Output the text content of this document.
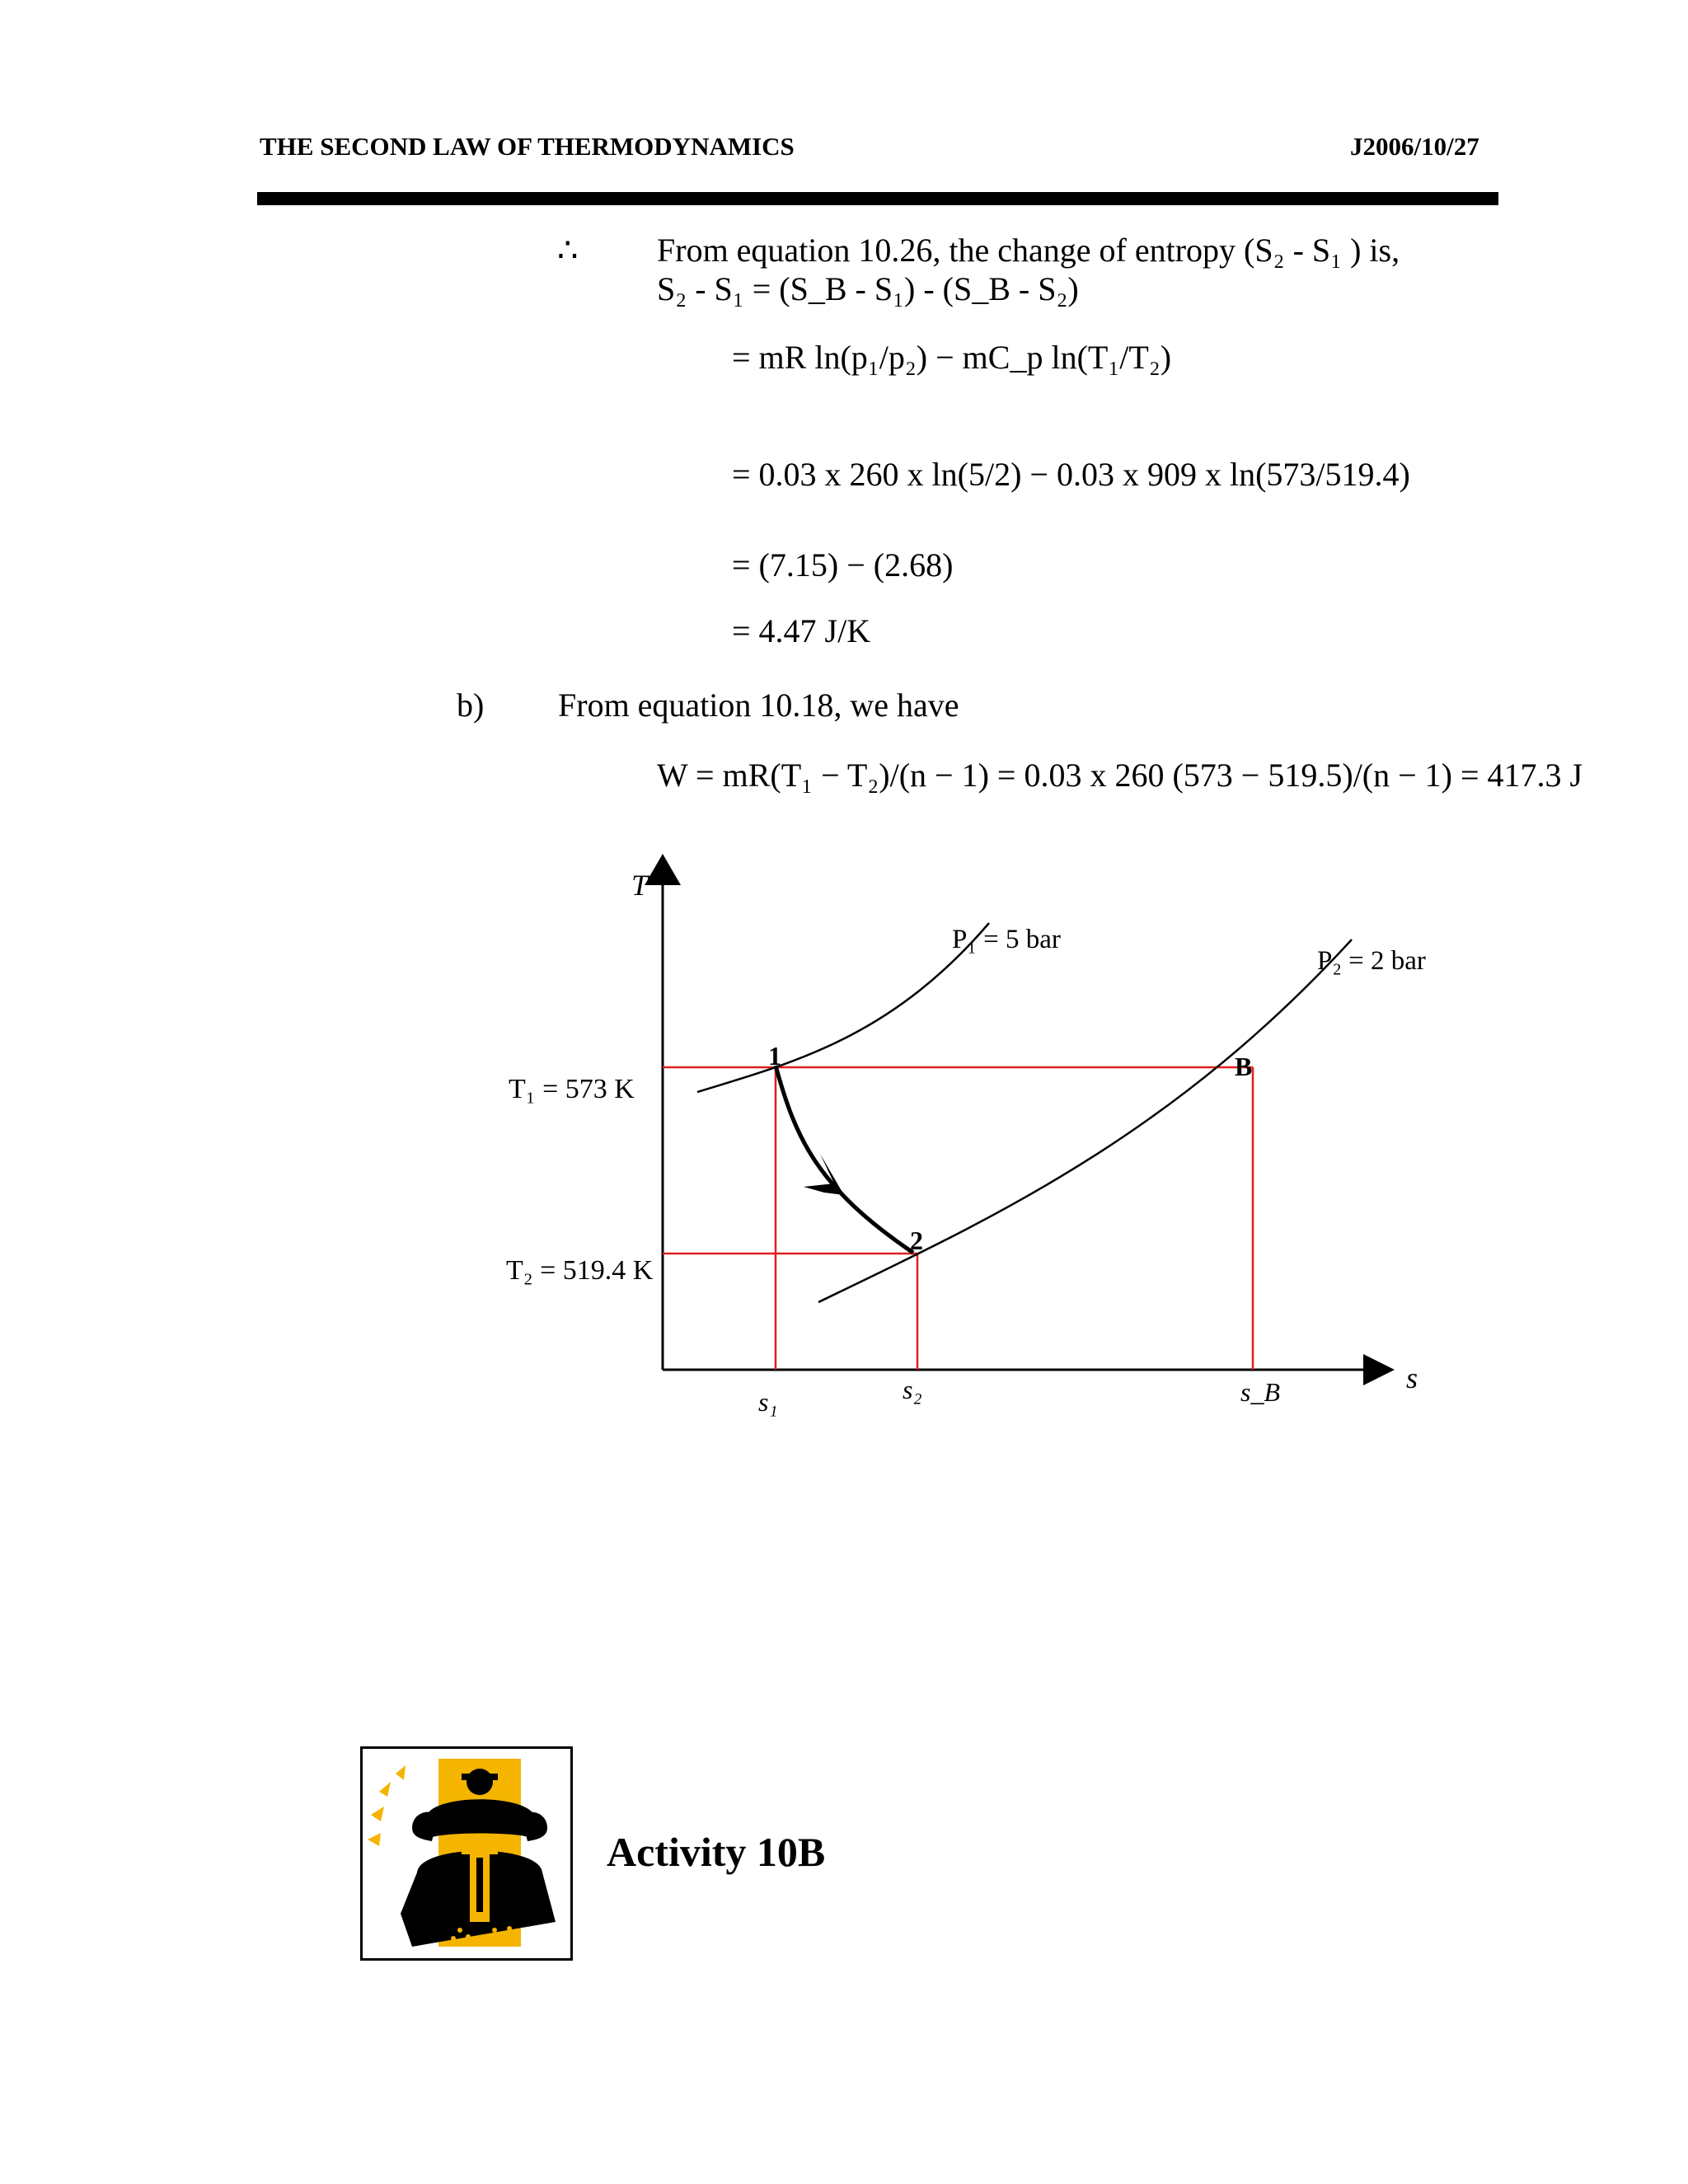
THE SECOND LAW OF THERMODYNAMICS	J2006/10/27
∴ From equation 10.26, the change of entropy (S₂ - S₁ ) is,
S₂ - S₁ = (S_B - S₁) - (S_B - S₂)
= mR ln(p₁/p₂) − mC_p ln(T₁/T₂)
= 0.03 x 260 x ln(5/2) − 0.03 x 909 x ln(573/519.4)
= (7.15) − (2.68)
= 4.47 J/K
b) From equation 10.18, we have
W = mR(T₁ − T₂)/(n − 1) = 0.03 x 260 (573 − 519.5)/(n − 1) = 417.3 J
T
s
T₁ = 573 K
T₂ = 519.4 K
s₁	s₂	s_B
P₁ = 5 bar
P₂ = 2 bar
1
2
B
Activity 10B
